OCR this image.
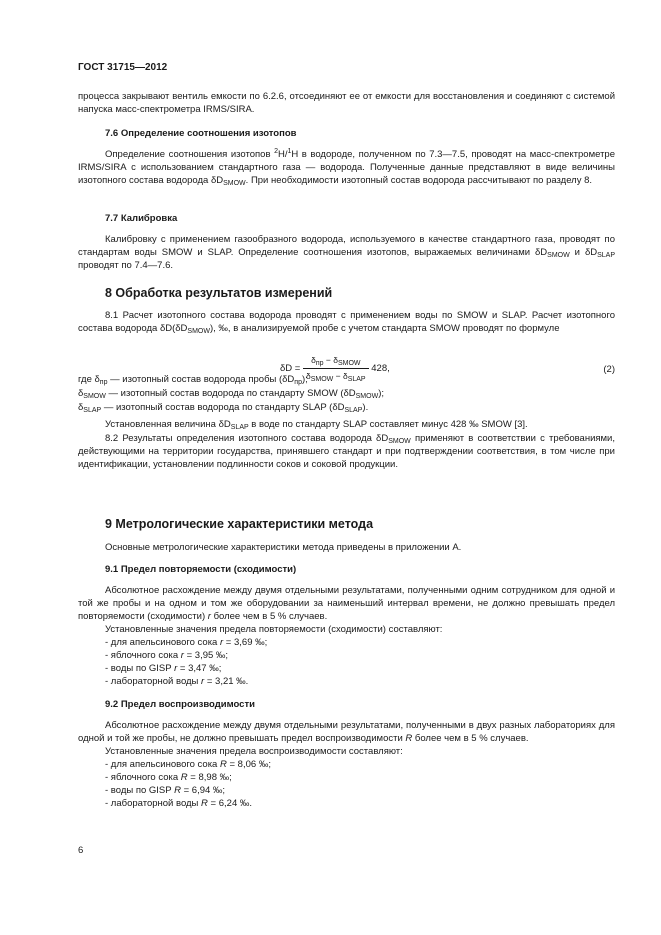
ГОСТ 31715—2012

процесса закрывают вентиль емкости по 6.2.6, отсоединяют ее от емкости для восстановления и соединяют с системой напуска масс-спектрометра IRMS/SIRA.

7.6 Определение соотношения изотопов

Определение соотношения изотопов $^2$H/$^1$H в водороде, полученном по 7.3—7.5, проводят на масс-спектрометре IRMS/SIRA с использованием стандартного газа — водорода. Полученные данные представляют в виде величины изотопного состава водорода $\delta D_{SMOW}$. При необходимости изотопный состав водорода рассчитывают по разделу 8.

7.7 Калибровка

Калибровку с применением газообразного водорода, используемого в качестве стандартного газа, проводят по стандартам воды SMOW и SLAP. Определение соотношения изотопов, выражаемых величинами $\delta D_{SMOW}$ и $\delta D_{SLAP}$ проводят по 7.4—7.6.

8 Обработка результатов измерений

8.1 Расчет изотопного состава водорода проводят с применением воды по SMOW и SLAP. Расчет изотопного состава водорода $\delta D(\delta D_{SMOW})$, ‰, в анализируемой пробе с учетом стандарта SMOW проводят по формуле

$\delta D = \frac{\delta_{пр} - \delta_{SMOW}}{\delta_{SMOW} - \delta_{SLAP}} 428$,	(2)

где $\delta_{пр}$ — изотопный состав водорода пробы $(\delta D_{пр})$;

$\delta_{SMOW}$ — изотопный состав водорода по стандарту SMOW $(\delta D_{SMOW})$;

$\delta_{SLAP}$ — изотопный состав водорода по стандарту SLAP $(\delta D_{SLAP})$.

Установленная величина $\delta D_{SLAP}$ в воде по стандарту SLAP составляет минус 428 ‰ SMOW [3].

8.2 Результаты определения изотопного состава водорода $\delta D_{SMOW}$ применяют в соответствии с требованиями, действующими на территории государства, принявшего стандарт и при подтверждении соответствия, в том числе при идентификации, установлении подлинности соков и соковой продукции.

9 Метрологические характеристики метода

Основные метрологические характеристики метода приведены в приложении А.

9.1 Предел повторяемости (сходимости)

Абсолютное расхождение между двумя отдельными результатами, полученными одним сотрудником для одной и той же пробы и на одном и том же оборудовании за наименьший интервал времени, не должно превышать предел повторяемости (сходимости) r более чем в 5 % случаев.

Установленные значения предела повторяемости (сходимости) составляют:

- для апельсинового сока r = 3,69 ‰;

- яблочного сока r = 3,95 ‰;

- воды по GISP r = 3,47 ‰;

- лабораторной воды r = 3,21 ‰.

9.2 Предел воспроизводимости

Абсолютное расхождение между двумя отдельными результатами, полученными в двух разных лабораториях для одной и той же пробы, не должно превышать предел воспроизводимости R более чем в 5 % случаев.

Установленные значения предела воспроизводимости составляют:

- для апельсинового сока R = 8,06 ‰;

- яблочного сока R = 8,98 ‰;

- воды по GISP R = 6,94 ‰;

- лабораторной воды R = 6,24 ‰.

6
